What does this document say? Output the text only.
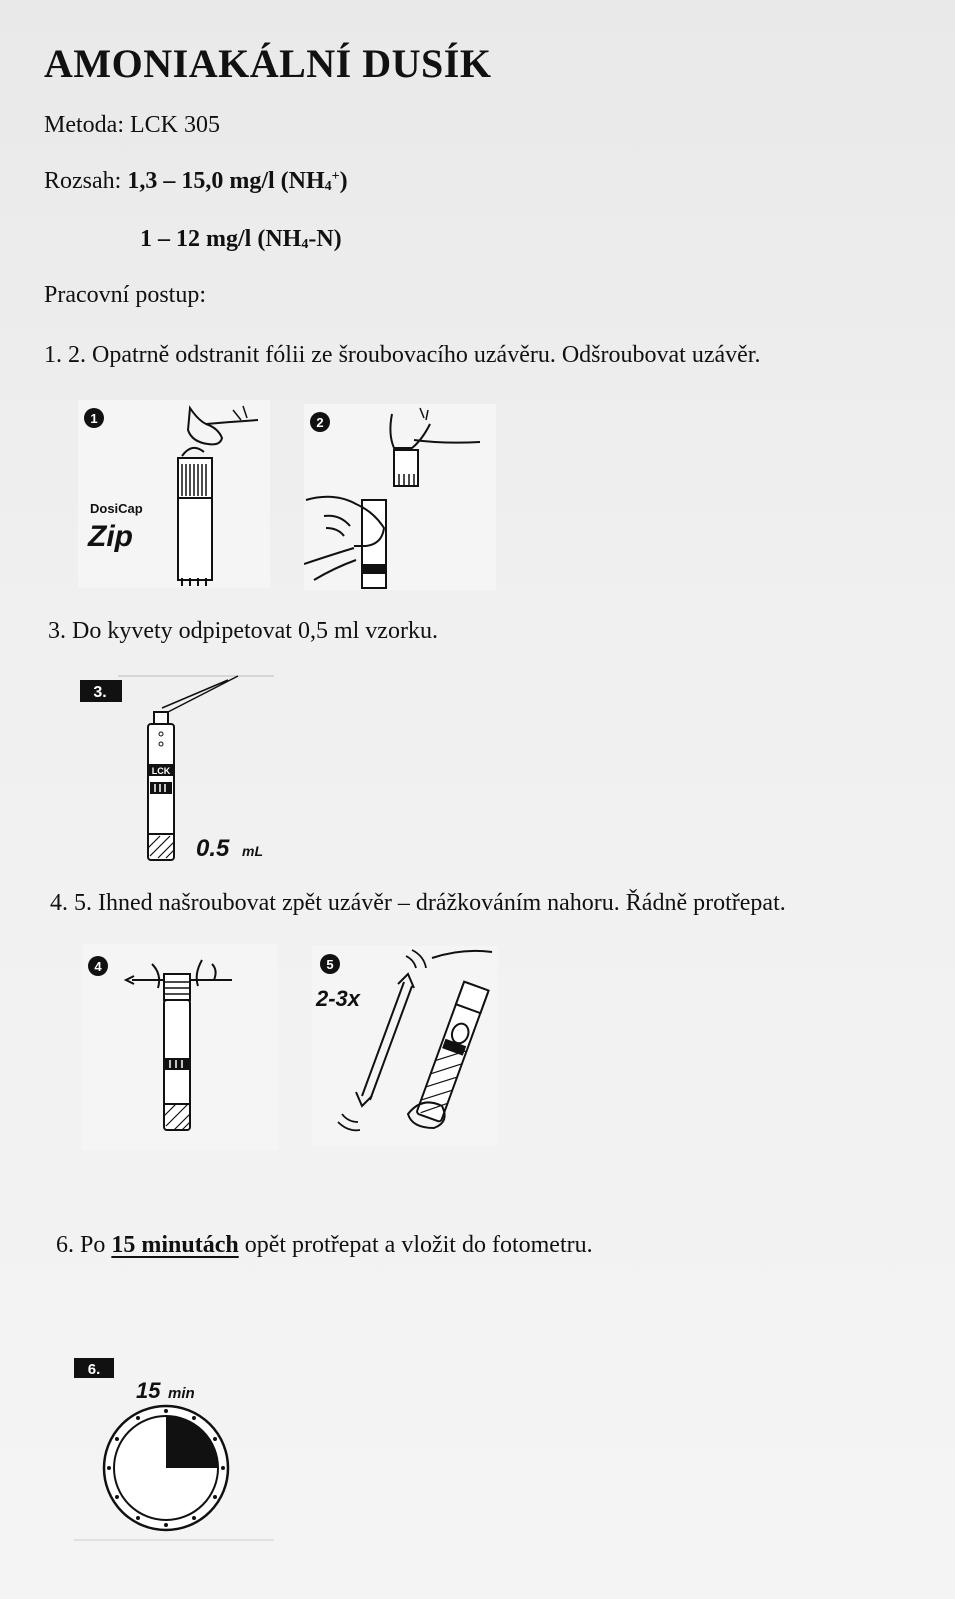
AMONIAKÁLNÍ DUSÍK
Metoda: LCK 305
Rozsah: 1,3 – 15,0 mg/l (NH4+)
1 – 12 mg/l (NH4-N)
Pracovní postup:
1. 2. Opatrně odstranit fólii ze šroubovacího uzávěru. Odšroubovat uzávěr.
1
DosiCap
Zip
2
3. Do kyvety odpipetovat 0,5 ml vzorku.
3.
LCK
0.5 mL
4. 5. Ihned našroubovat zpět uzávěr – drážkováním nahoru. Řádně protřepat.
4	5
2-3x
6. Po 15 minutách opět protřepat a vložit do fotometru.
6.
15 min
